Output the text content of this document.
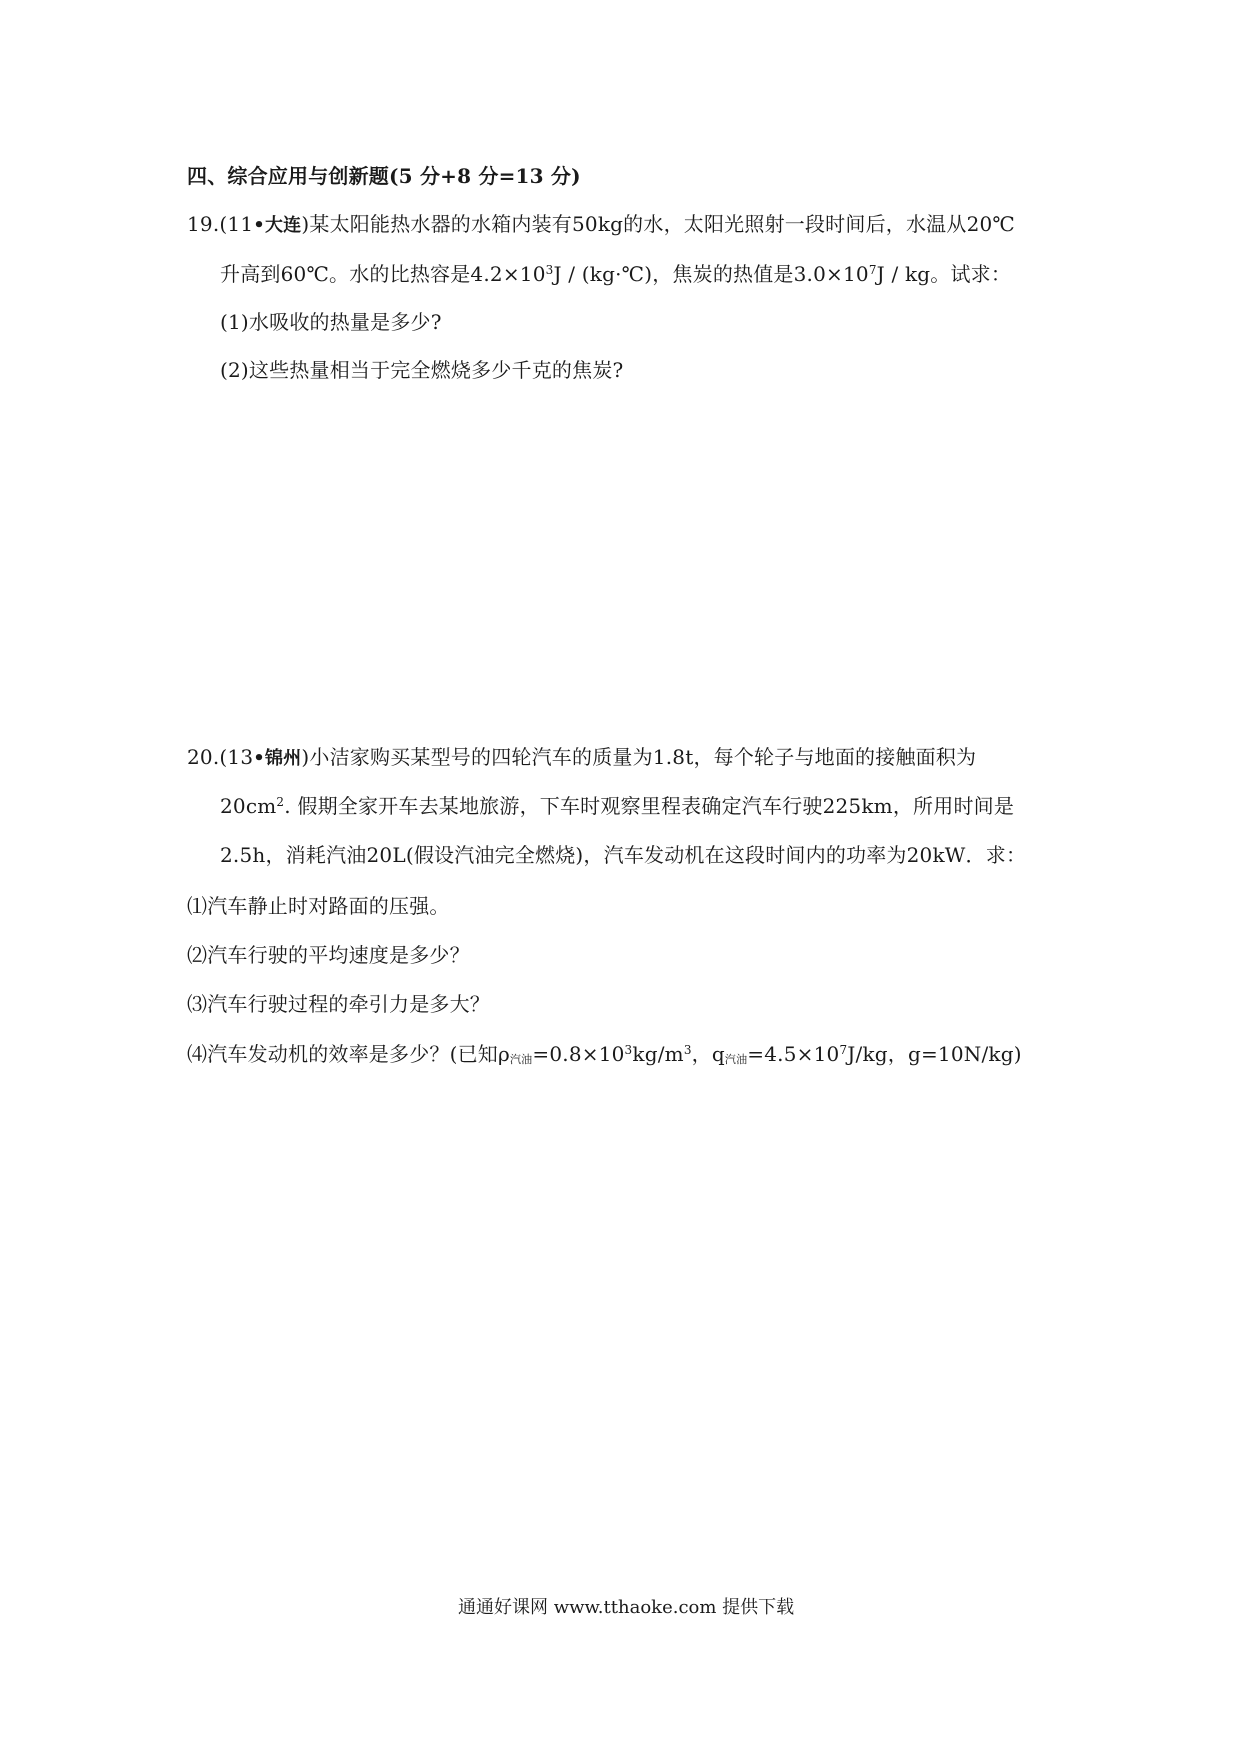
四、综合应用与创新题(5 分+8 分=13 分)
19.(11•大连)某太阳能热水器的水箱内装有50kg的水，太阳光照射一段时间后，水温从20℃
升高到60℃。水的比热容是$4.2\times 10^3J$ / (kg·℃)，焦炭的热值是$3.0\times 10^7J$ / kg。试求：
(1)水吸收的热量是多少?
(2)这些热量相当于完全燃烧多少千克的焦炭?
20.(13•锦州)小洁家购买某型号的四轮汽车的质量为1.8t，每个轮子与地面的接触面积为
$20cm^2$. 假期全家开车去某地旅游，下车时观察里程表确定汽车行驶225km，所用时间是
2.5h，消耗汽油20L(假设汽油完全燃烧)，汽车发动机在这段时间内的功率为20kW．求：
⑴汽车静止时对路面的压强。
⑵汽车行驶的平均速度是多少？
⑶汽车行驶过程的牵引力是多大？
⑷汽车发动机的效率是多少？(已知$\rho_{汽油}=0.8\times 10^3kg/m^3$，$q_{汽油}=4.5\times 10^7J/kg$，g=10N/kg)
通通好课网 www.tthaoke.com 提供下载
